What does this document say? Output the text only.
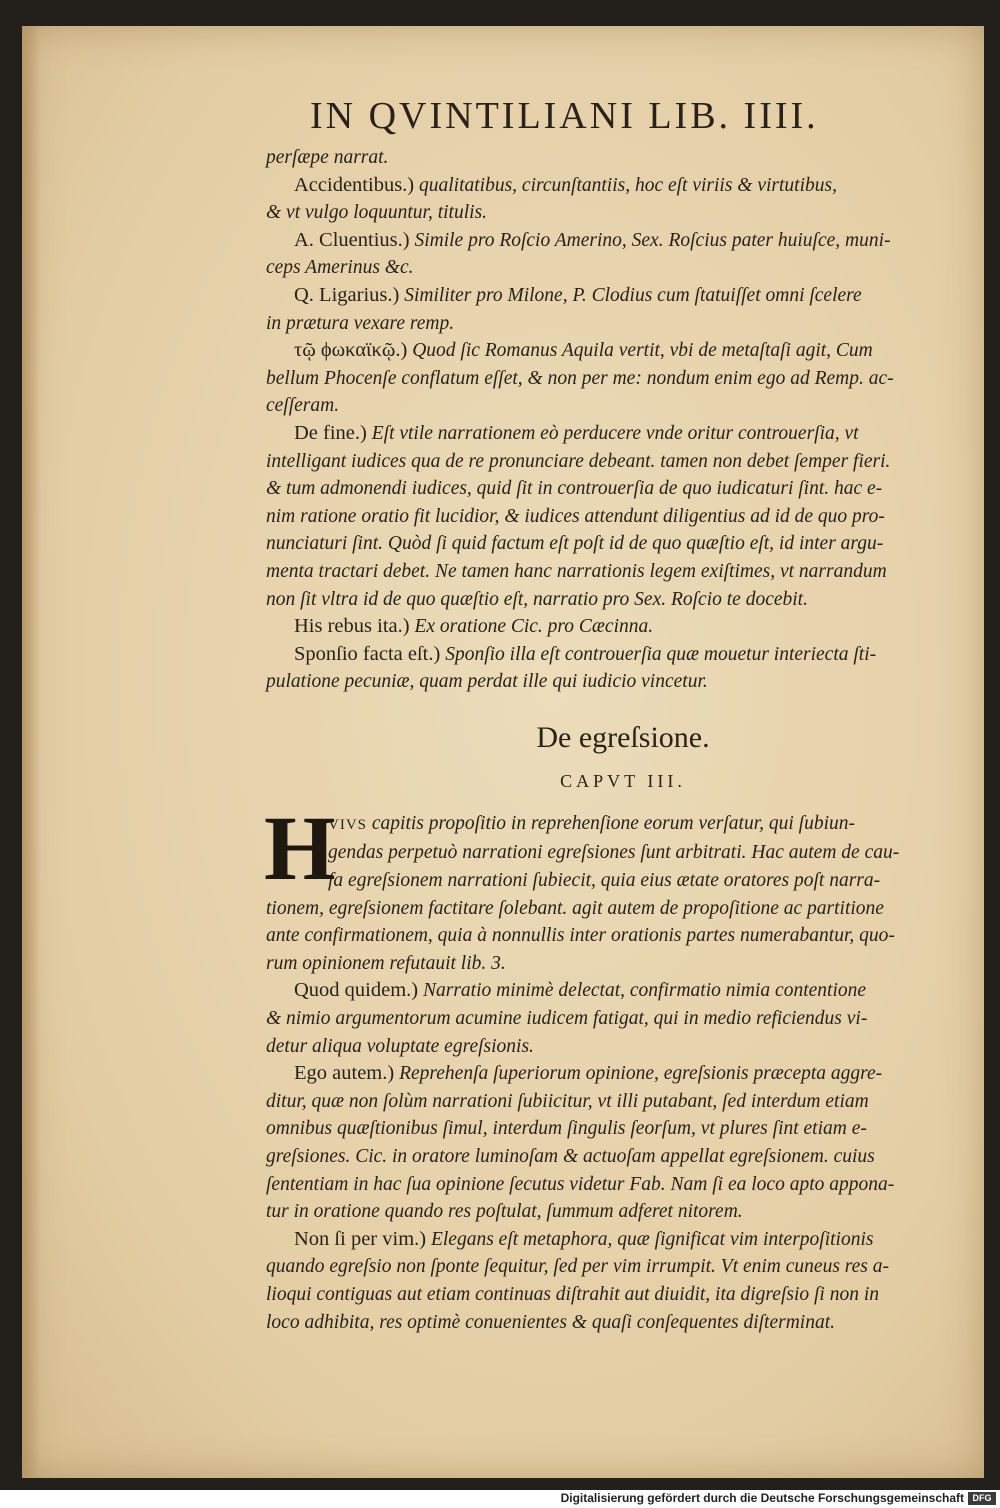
IN QVINTILIANI LIB. IIII.
perſæpe narrat.
Accidentibus.) qualitatibus, circunſtantiis, hoc eſt viriis & virtutibus,
& vt vulgo loquuntur, titulis.
A. Cluentius.) Simile pro Roſcio Amerino, Sex. Roſcius pater huiuſce, muni-
ceps Amerinus &c.
Q. Ligarius.) Similiter pro Milone, P. Clodius cum ſtatuiſſet omni ſcelere
in prætura vexare remp.
τῷ ϕωκαϊκῷ.) Quod ſic Romanus Aquila vertit, vbi de metaſtaſi agit, Cum
bellum Phocenſe conflatum eſſet, & non per me: nondum enim ego ad Remp. ac-
ceſſeram.
De fine.) Eſt vtile narrationem eò perducere vnde oritur controuerſia, vt
intelligant iudices qua de re pronunciare debeant. tamen non debet ſemper fieri.
& tum admonendi iudices, quid ſit in controuerſia de quo iudicaturi ſint. hac e-
nim ratione oratio fit lucidior, & iudices attendunt diligentius ad id de quo pro-
nunciaturi ſint. Quòd ſi quid factum eſt poſt id de quo quæſtio eſt, id inter argu-
menta tractari debet. Ne tamen hanc narrationis legem exiſtimes, vt narrandum
non ſit vltra id de quo quæſtio eſt, narratio pro Sex. Roſcio te docebit.
His rebus ita.) Ex oratione Cic. pro Cæcinna.
Sponſio facta eſt.) Sponſio illa eſt controuerſia quæ mouetur interiecta ſti-
pulatione pecuniæ, quam perdat ille qui iudicio vincetur.
De egreſsione.
CAPVT III.
H
VIVS capitis propoſitio in reprehenſione eorum verſatur, qui ſubiun-
gendas perpetuò narrationi egreſsiones ſunt arbitrati. Hac autem de cau-
ſa egreſsionem narrationi ſubiecit, quia eius ætate oratores poſt narra-
tionem, egreſsionem factitare ſolebant. agit autem de propoſitione ac partitione
ante confirmationem, quia à nonnullis inter orationis partes numerabantur, quo-
rum opinionem refutauit lib. 3.
Quod quidem.) Narratio minimè delectat, confirmatio nimia contentione
& nimio argumentorum acumine iudicem fatigat, qui in medio reficiendus vi-
detur aliqua voluptate egreſsionis.
Ego autem.) Reprehenſa ſuperiorum opinione, egreſsionis præcepta aggre-
ditur, quæ non ſolùm narrationi ſubiicitur, vt illi putabant, ſed interdum etiam
omnibus quæſtionibus ſimul, interdum ſingulis ſeorſum, vt plures ſint etiam e-
greſsiones. Cic. in oratore luminoſam & actuoſam appellat egreſsionem. cuius
ſententiam in hac ſua opinione ſecutus videtur Fab. Nam ſi ea loco apto appona-
tur in oratione quando res poſtulat, ſummum adferet nitorem.
Non ſi per vim.) Elegans eſt metaphora, quæ ſignificat vim interpoſitionis
quando egreſsio non ſponte ſequitur, ſed per vim irrumpit. Vt enim cuneus res a-
lioqui contiguas aut etiam continuas diſtrahit aut diuidit, ita digreſsio ſi non in
loco adhibita, res optimè conuenientes & quaſi conſequentes diſterminat.
Digitalisierung gefördert durch die Deutsche Forschungsgemeinschaft DFG
